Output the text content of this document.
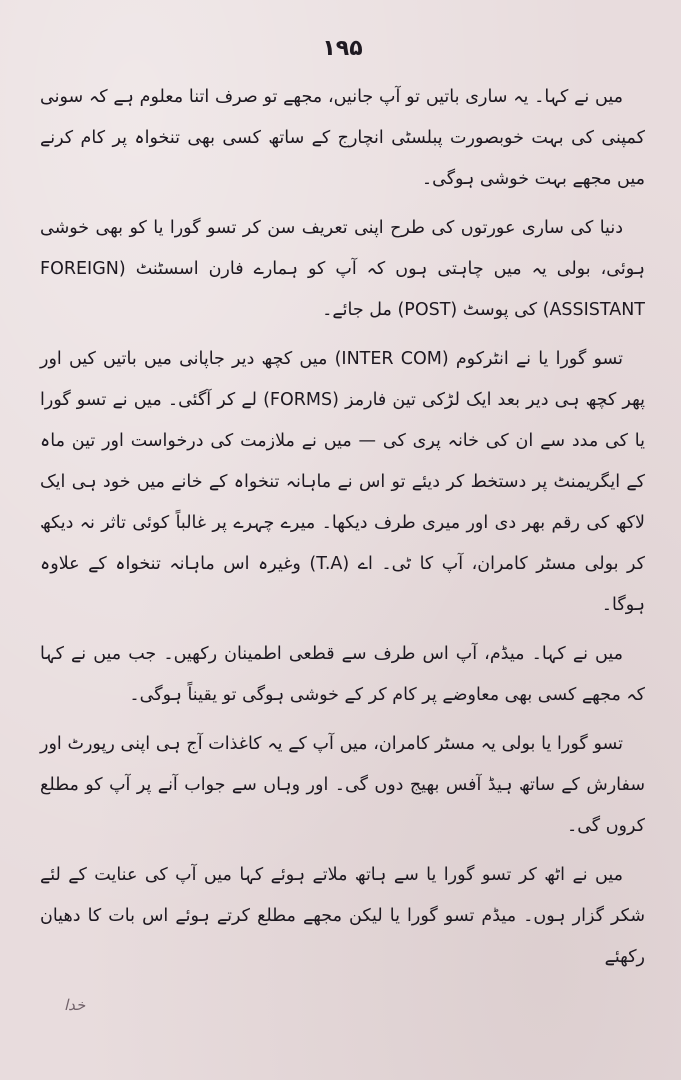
۱۹۵

میں نے کہا۔ یہ ساری باتیں تو آپ جانیں، مجھے تو صرف اتنا معلوم ہے کہ سونی کمپنی کی بہت خوبصورت پبلسٹی انچارج کے ساتھ کسی بھی تنخواہ پر کام کرنے میں مجھے بہت خوشی ہوگی۔

دنیا کی ساری عورتوں کی طرح اپنی تعریف سن کر تسو گورا یا کو بھی خوشی ہوئی، بولی یہ میں چاہتی ہوں کہ آپ کو ہمارے فارن اسسٹنٹ (FOREIGN ASSISTANT) کی پوسٹ (POST) مل جائے۔

تسو گورا یا نے انٹرکوم (INTER COM) میں کچھ دیر جاپانی میں باتیں کیں اور پھر کچھ ہی دیر بعد ایک لڑکی تین فارمز (FORMS) لے کر آگئی۔ میں نے تسو گورا یا کی مدد سے ان کی خانہ پری کی — میں نے ملازمت کی درخواست اور تین ماہ کے ایگریمنٹ پر دستخط کر دیئے تو اس نے ماہانہ تنخواہ کے خانے میں خود ہی ایک لاکھ کی رقم بھر دی اور میری طرف دیکھا۔ میرے چہرے پر غالباً کوئی تاثر نہ دیکھ کر بولی مسٹر کامران، آپ کا ٹی۔ اے (T.A) وغیرہ اس ماہانہ تنخواہ کے علاوہ ہوگا۔

میں نے کہا۔ میڈم، آپ اس طرف سے قطعی اطمینان رکھیں۔ جب میں نے کہا کہ مجھے کسی بھی معاوضے پر کام کر کے خوشی ہوگی تو یقیناً ہوگی۔

تسو گورا یا بولی یہ مسٹر کامران، میں آپ کے یہ کاغذات آج ہی اپنی رپورٹ اور سفارش کے ساتھ ہیڈ آفس بھیج دوں گی۔ اور وہاں سے جواب آنے پر آپ کو مطلع کروں گی۔

میں نے اٹھ کر تسو گورا یا سے ہاتھ ملاتے ہوئے کہا میں آپ کی عنایت کے لئے شکر گزار ہوں۔ میڈم تسو گورا یا لیکن مجھے مطلع کرتے ہوئے اس بات کا دھیان رکھئے

خدا
